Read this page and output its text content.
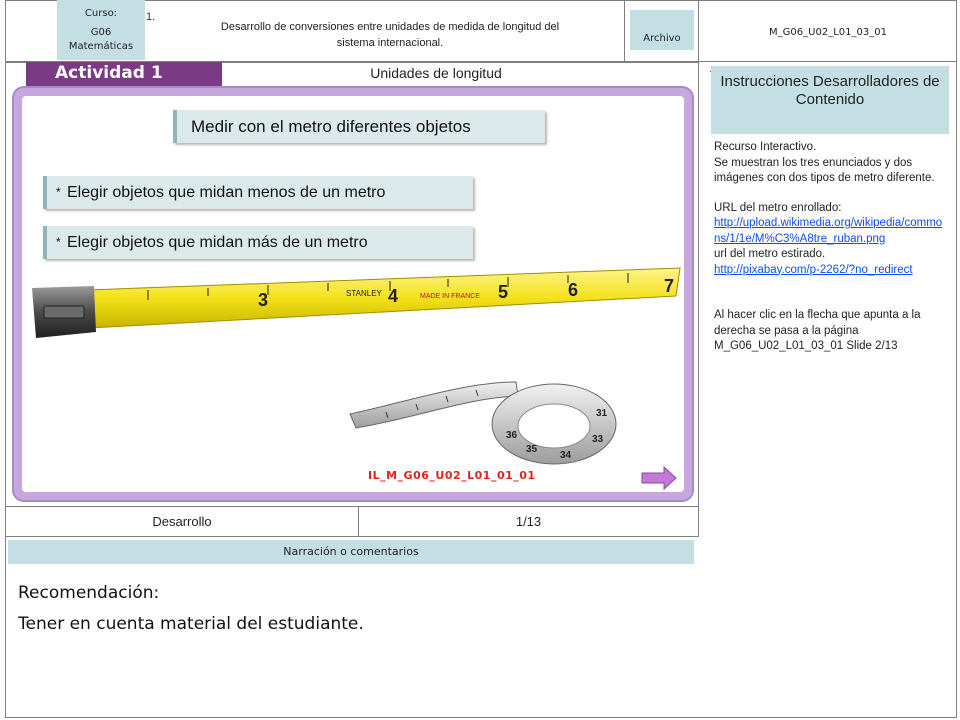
Curso:
G06
Matemáticas
1.
Desarrollo de conversiones entre unidades de medida de longitud del
sistema internacional.	Archivo
M_G06_U02_L01_03_01
Desarrollo	1/13
Actividad 1	Unidades de longitud
Medir con el metro diferentes objetos
* Elegir objetos que midan menos de un metro
* Elegir objetos que midan más de un metro
3	4	5	6	7
STANLEY	MADE IN FRANCE
36
35
34
33
31
IL_M_G06_U02_L01_01_01
Instrucciones Desarrolladores de Contenido
Recurso Interactivo.
Se muestran los tres enunciados y dos imágenes con dos tipos de metro diferente.
URL del metro enrollado:
http://upload.wikimedia.org/wikipedia/commons/1/1e/M%C3%A8tre_ruban.png
url del metro estirado.
http://pixabay.com/p-2262/?no_redirect
Al hacer clic en la flecha que apunta a la derecha se pasa a la página M_G06_U02_L01_03_01 Slide 2/13
Narración o comentarios
Recomendación:
Tener en cuenta material del estudiante.
